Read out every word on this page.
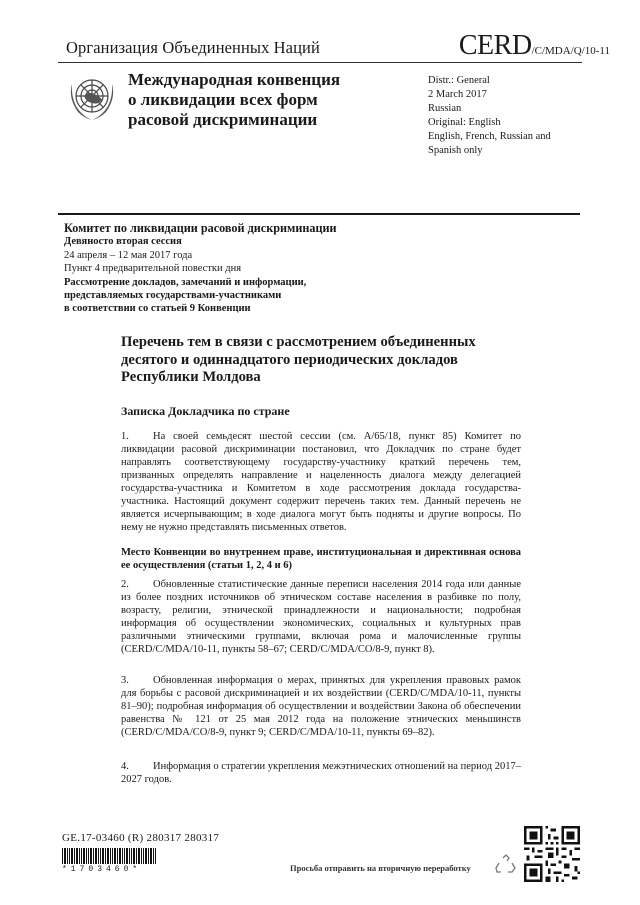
Организация Объединенных Наций	CERD/C/MDA/Q/10-11
Международная конвенция
о ликвидации всех форм
расовой дискриминации
Distr.: General
2 March 2017
Russian
Original: English
English, French, Russian and
Spanish only
Комитет по ликвидации расовой дискриминации
Девяносто вторая сессия
24 апреля – 12 мая 2017 года
Пункт 4 предварительной повестки дня
Рассмотрение докладов, замечаний и информации,
представляемых государствами-участниками
в соответствии со статьей 9 Конвенции
Перечень тем в связи с рассмотрением объединенных
десятого и одиннадцатого периодических докладов
Республики Молдова
Записка Докладчика по стране
1. На своей семьдесят шестой сессии (см. A/65/18, пункт 85) Комитет по ликвидации расовой дискриминации постановил, что Докладчик по стране будет направлять соответствующему государству-участнику краткий перечень тем, призванных определять направление и нацеленность диалога между делегацией государства-участника и Комитетом в ходе рассмотрения доклада государства-участника. Настоящий документ содержит перечень таких тем. Данный перечень не является исчерпывающим; в ходе диалога могут быть подняты и другие вопросы. По нему не нужно представлять письменных ответов.
Место Конвенции во внутреннем праве, институциональная и директивная основа ее осуществления (статьи 1, 2, 4 и 6)
2. Обновленные статистические данные переписи населения 2014 года или данные из более поздних источников об этническом составе населения в разбивке по полу, возрасту, религии, этнической принадлежности и национальности; подробная информация об осуществлении экономических, социальных и культурных прав различными этническими группами, включая рома и малочисленные группы (CERD/C/MDA/10-11, пункты 58–67; CERD/C/MDA/CO/8-9, пункт 8).
3. Обновленная информация о мерах, принятых для укрепления правовых рамок для борьбы с расовой дискриминацией и их воздействии (CERD/C/MDA/10-11, пункты 81–90); подробная информация об осуществлении и воздействии Закона об обеспечении равенства № 121 от 25 мая 2012 года на положение этнических меньшинств (CERD/C/MDA/CO/8-9, пункт 9; CERD/C/MDA/10-11, пункты 69–82).
4. Информация о стратегии укрепления межэтнических отношений на период 2017–2027 годов.
GE.17-03460 (R) 280317 280317
*1703460*	Просьба отправить на вторичную переработку
